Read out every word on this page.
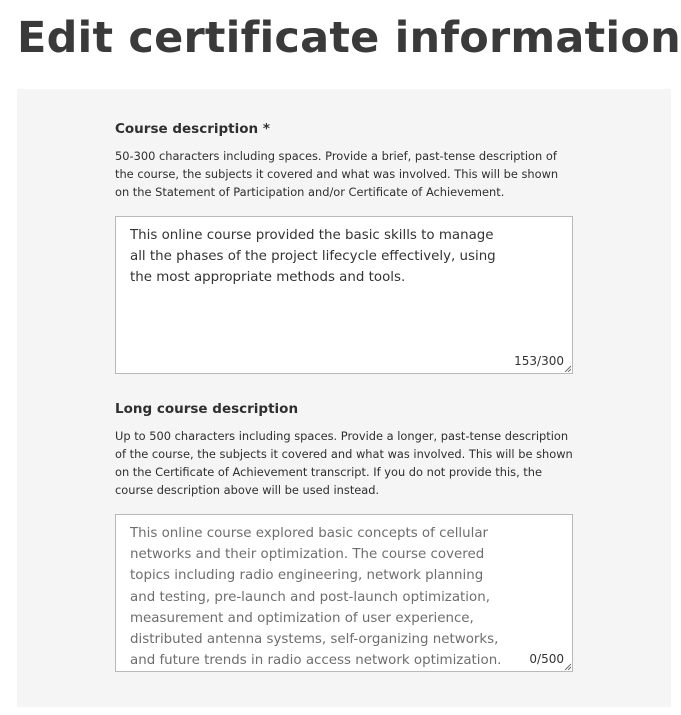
Edit certificate information
Course description *

50-300 characters including spaces. Provide a brief, past-tense description of the course, the subjects it covered and what was involved. This will be shown on the Statement of Participation and/or Certificate of Achievement.

This online course provided the basic skills to manage all the phases of the project lifecycle effectively, using the most appropriate methods and tools.

153/300
Long course description

Up to 500 characters including spaces. Provide a longer, past-tense description of the course, the subjects it covered and what was involved. This will be shown on the Certificate of Achievement transcript. If you do not provide this, the course description above will be used instead.

This online course explored basic concepts of cellular networks and their optimization. The course covered topics including radio engineering, network planning and testing, pre-launch and post-launch optimization, measurement and optimization of user experience, distributed antenna systems, self-organizing networks, and future trends in radio access network optimization. 0/500
